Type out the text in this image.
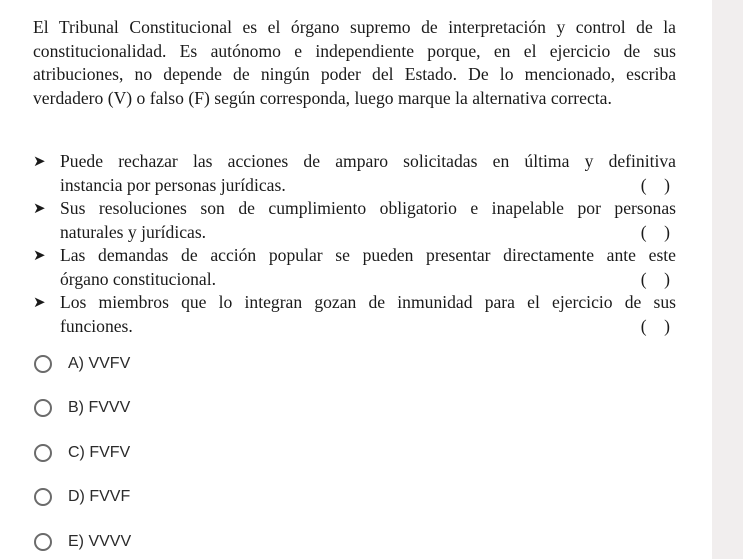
El Tribunal Constitucional es el órgano supremo de interpretación y control de la constitucionalidad. Es autónomo e independiente porque, en el ejercicio de sus atribuciones, no depende de ningún poder del Estado. De lo mencionado, escriba verdadero (V) o falso (F) según corresponda, luego marque la alternativa correcta.

➤ Puede rechazar las acciones de amparo solicitadas en última y definitiva
instancia por personas jurídicas.	(    )
➤ Sus resoluciones son de cumplimiento obligatorio e inapelable por personas
naturales y jurídicas.	(    )
➤ Las demandas de acción popular se pueden presentar directamente ante este
órgano constitucional.	(    )
➤ Los miembros que lo integran gozan de inmunidad para el ejercicio de sus
funciones.	(    )
A) VVFV
B) FVVV
C) FVFV
D) FVVF
E) VVVV
